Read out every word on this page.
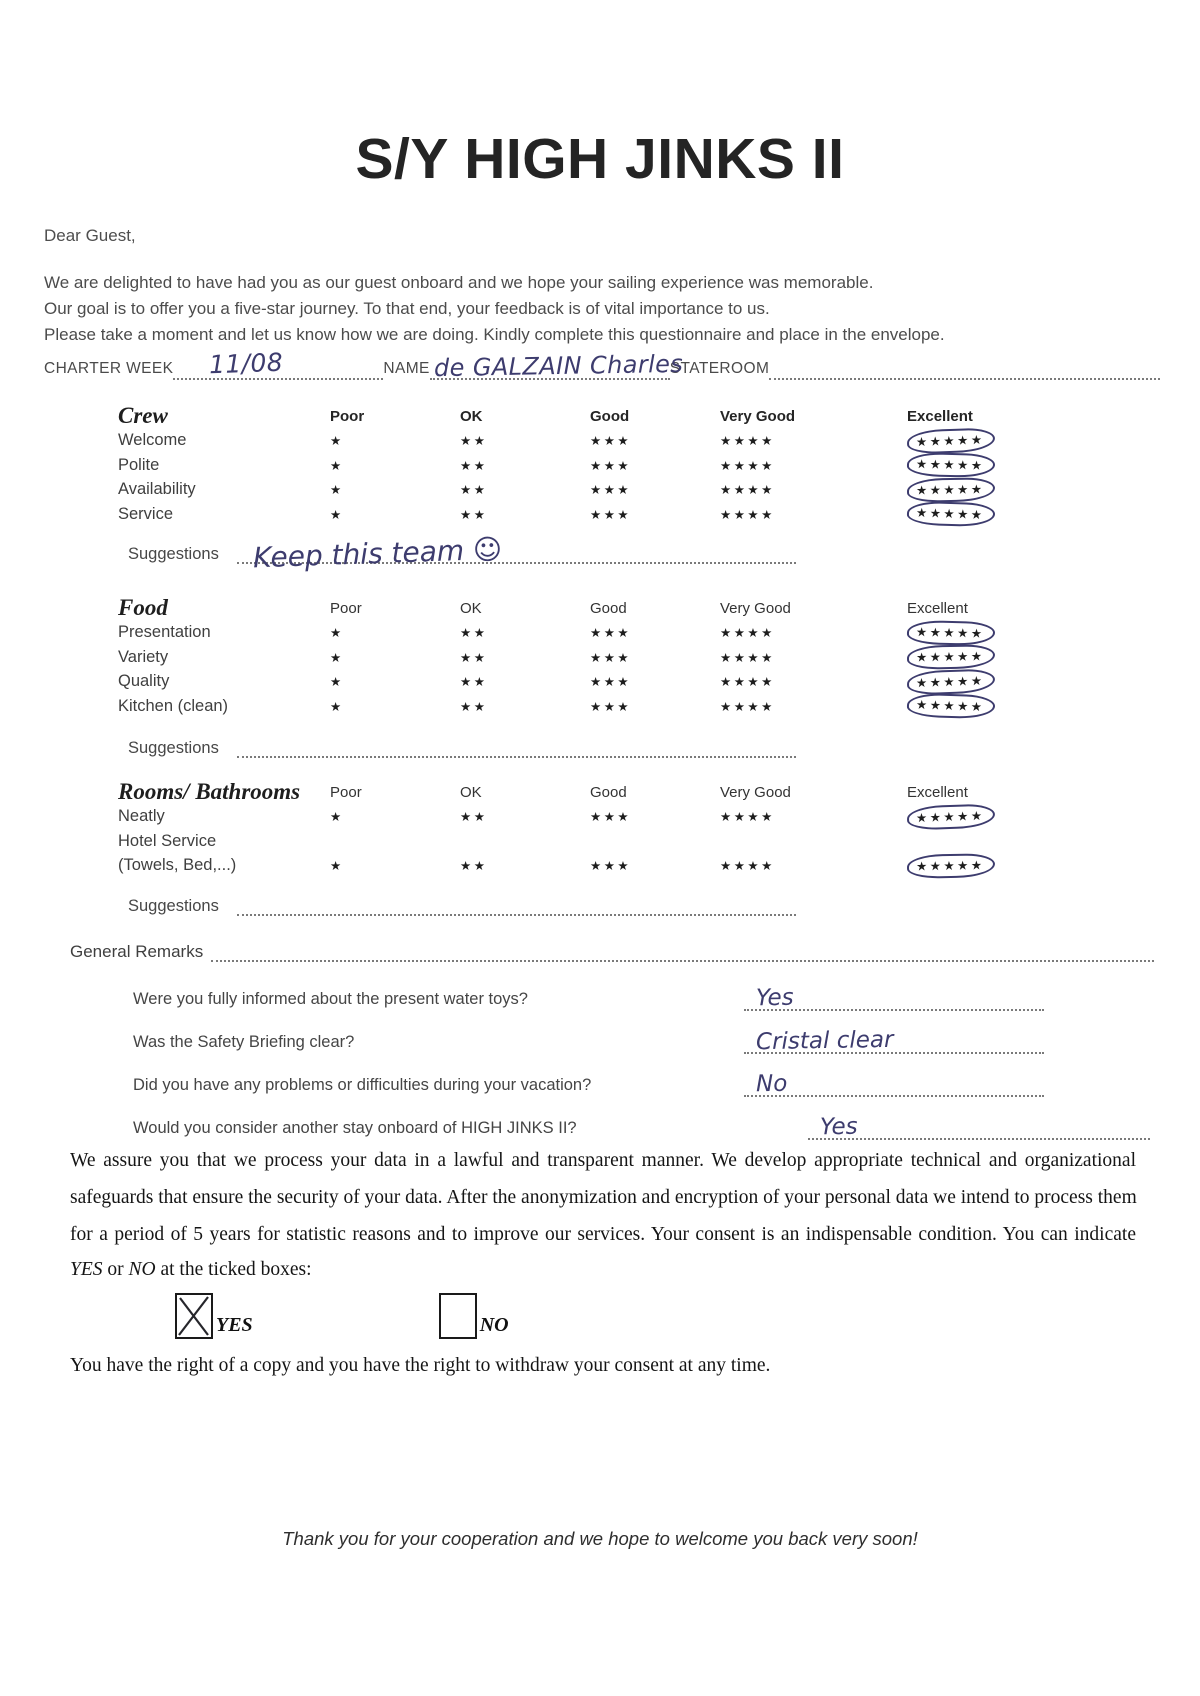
S/Y HIGH JINKS II
Dear Guest,
We are delighted to have had you as our guest onboard and we hope your sailing experience was memorable.
Our goal is to offer you a five-star journey. To that end, your feedback is of vital importance to us.
Please take a moment and let us know how we are doing. Kindly complete this questionnaire and place in the envelope.
CHARTER WEEK 11/08	NAME de GALZAIN Charles
STATEROOM
Crew	Poor	OK	Good	Very Good	Excellent
Welcome	★	★★	★★★	★★★★	★★★★★
Polite	★	★★	★★★	★★★★	★★★★★
Availability	★	★★	★★★	★★★★	★★★★★
Service	★	★★	★★★	★★★★	★★★★★
Suggestions Keep this team ☺
Food	Poor	OK	Good	Very Good	Excellent
Presentation	★	★★	★★★	★★★★	★★★★★
Variety	★	★★	★★★	★★★★	★★★★★
Quality	★	★★	★★★	★★★★	★★★★★
Kitchen (clean)	★	★★	★★★	★★★★	★★★★★
Suggestions
Rooms/ Bathrooms	Poor	OK	Good	Very Good	Excellent
Neatly	★	★★	★★★	★★★★	★★★★★
Hotel Service
(Towels, Bed,...)	★	★★	★★★	★★★★	★★★★★
Suggestions
General Remarks
Were you fully informed about the present water toys?	Yes
Was the Safety Briefing clear?	Cristal clear
Did you have any problems or difficulties during your vacation?	No
Would you consider another stay onboard of HIGH JINKS II?	Yes
We assure you that we process your data in a lawful and transparent manner. We develop appropriate technical and organizational
safeguards that ensure the security of your data. After the anonymization and encryption of your personal data we intend to process them
for a period of 5 years for statistic reasons and to improve our services. Your consent is an indispensable condition. You can indicate
YES or NO at the ticked boxes:
YES	NO
You have the right of a copy and you have the right to withdraw your consent at any time.
Thank you for your cooperation and we hope to welcome you back very soon!
